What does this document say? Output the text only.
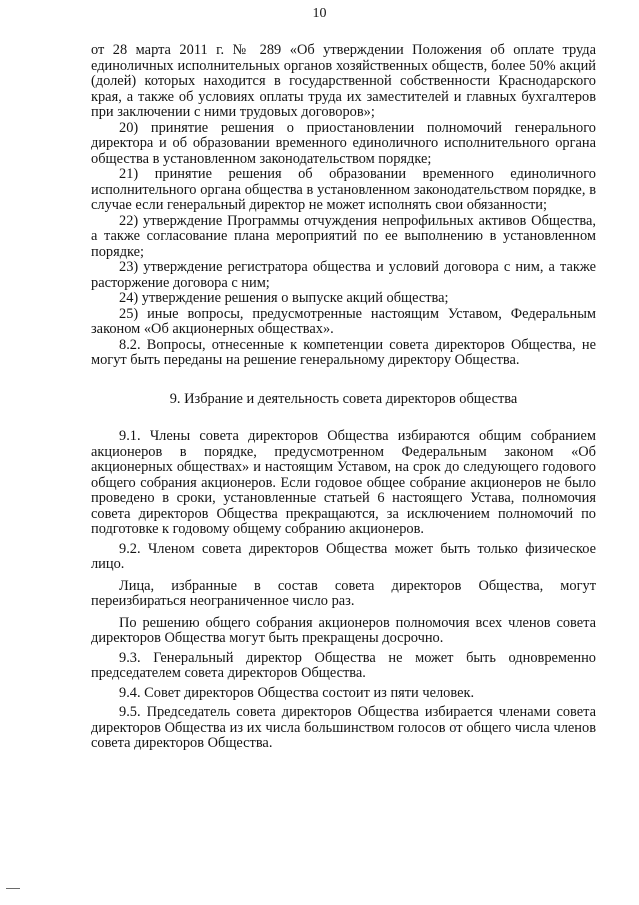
10

от 28 марта 2011 г. № 289 «Об утверждении Положения об оплате труда единоличных исполнительных органов хозяйственных обществ, более 50% акций (долей) которых находится в государственной собственности Краснодарского края, а также об условиях оплаты труда их заместителей и главных бухгалтеров при заключении с ними трудовых договоров»;

20) принятие решения о приостановлении полномочий генерального директора и об образовании временного единоличного исполнительного органа общества в установленном законодательством порядке;

21) принятие решения об образовании временного единоличного исполнительного органа общества в установленном законодательством порядке, в случае если генеральный директор не может исполнять свои обязанности;

22) утверждение Программы отчуждения непрофильных активов Общества, а также согласование плана мероприятий по ее выполнению в установленном порядке;

23) утверждение регистратора общества и условий договора с ним, а также расторжение договора с ним;

24) утверждение решения о выпуске акций общества;

25) иные вопросы, предусмотренные настоящим Уставом, Федеральным законом «Об акционерных обществах».

8.2. Вопросы, отнесенные к компетенции совета директоров Общества, не могут быть переданы на решение генеральному директору Общества.

9. Избрание и деятельность совета директоров общества

9.1. Члены совета директоров Общества избираются общим собранием акционеров в порядке, предусмотренном Федеральным законом «Об акционерных обществах» и настоящим Уставом, на срок до следующего годового общего собрания акционеров. Если годовое общее собрание акционеров не было проведено в сроки, установленные статьей 6 настоящего Устава, полномочия совета директоров Общества прекращаются, за исключением полномочий по подготовке к годовому общему собранию акционеров.

9.2. Членом совета директоров Общества может быть только физическое лицо.

Лица, избранные в состав совета директоров Общества, могут переизбираться неограниченное число раз.

По решению общего собрания акционеров полномочия всех членов совета директоров Общества могут быть прекращены досрочно.

9.3. Генеральный директор Общества не может быть одновременно председателем совета директоров Общества.

9.4. Совет директоров Общества состоит из пяти человек.

9.5. Председатель совета директоров Общества избирается членами совета директоров Общества из их числа большинством голосов от общего числа членов совета директоров Общества.
